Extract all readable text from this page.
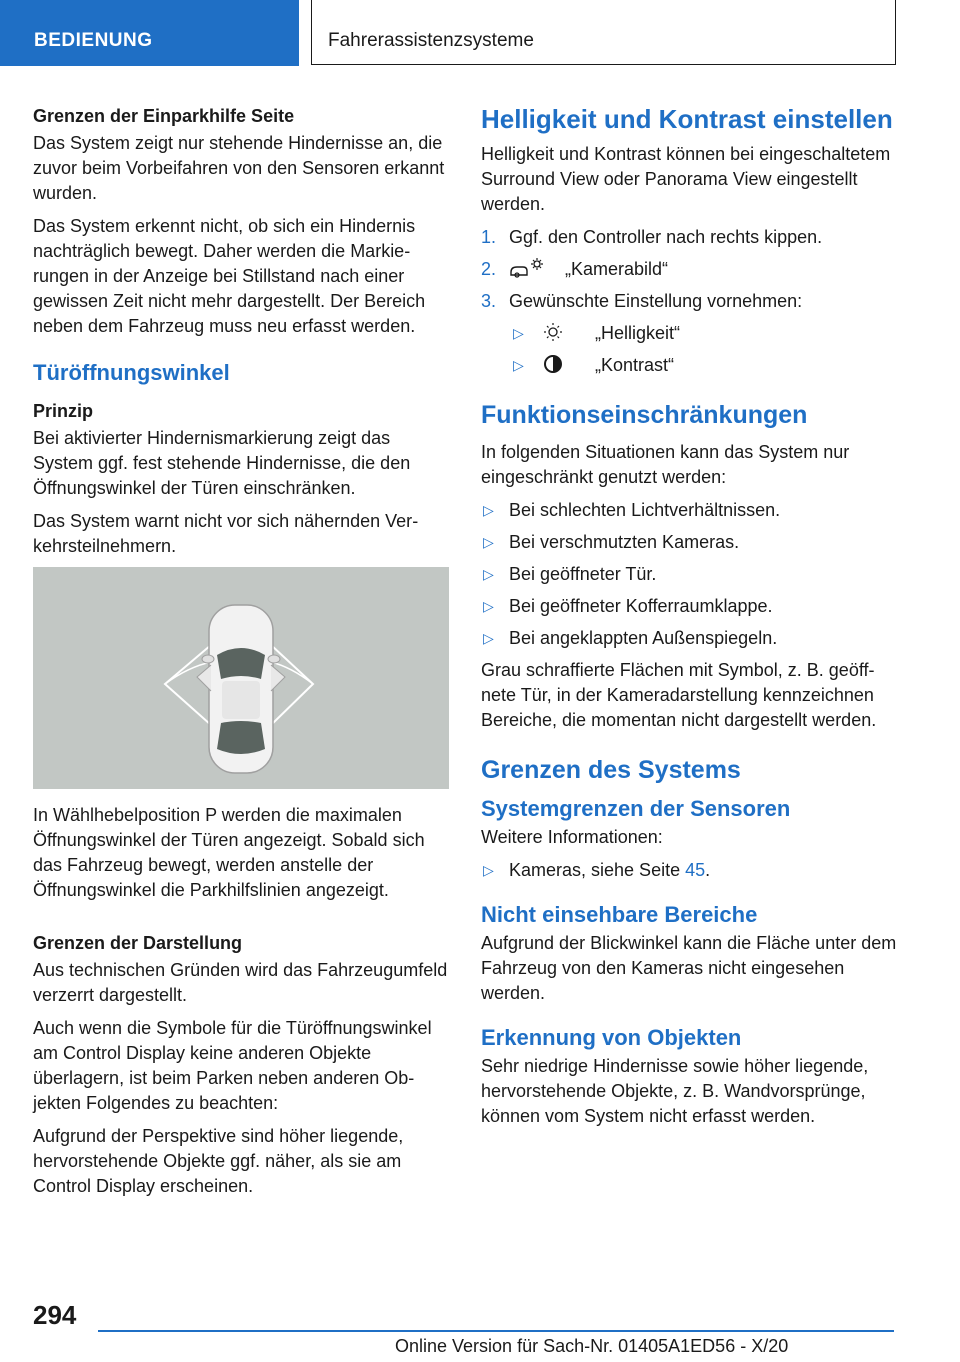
BEDIENUNG	Fahrerassistenzsysteme
Grenzen der Einparkhilfe Seite

Das System zeigt nur stehende Hindernisse an, die zuvor beim Vorbeifahren von den Sensoren erkannt wurden.

Das System erkennt nicht, ob sich ein Hindernis nachträglich bewegt. Daher werden die Markierungen in der Anzeige bei Stillstand nach einer gewissen Zeit nicht mehr dargestellt. Der Bereich neben dem Fahrzeug muss neu erfasst werden.

Türöffnungswinkel
Prinzip

Bei aktivierter Hindernismarkierung zeigt das System ggf. fest stehende Hindernisse, die den Öffnungswinkel der Türen einschränken.

Das System warnt nicht vor sich nähernden Verkehrsteilnehmern.

In Wählhebelposition P werden die maximalen Öffnungswinkel der Türen angezeigt. Sobald sich das Fahrzeug bewegt, werden anstelle der Öffnungswinkel die Parkhilfslinien angezeigt.

Grenzen der Darstellung

Aus technischen Gründen wird das Fahrzeugumfeld verzerrt dargestellt.

Auch wenn die Symbole für die Türöffnungswinkel am Control Display keine anderen Objekte überlagern, ist beim Parken neben anderen Objekten Folgendes zu beachten:

Aufgrund der Perspektive sind höher liegende, hervorstehende Objekte ggf. näher, als sie am Control Display erscheinen.

Helligkeit und Kontrast einstellen

Helligkeit und Kontrast können bei eingeschaltetem Surround View oder Panorama View eingestellt werden.

1. Ggf. den Controller nach rechts kippen.
2.	„Kamerabild“
3. Gewünschte Einstellung vornehmen:
▷	„Helligkeit“
▷	„Kontrast“
Funktionseinschränkungen

In folgenden Situationen kann das System nur eingeschränkt genutzt werden:

▷ Bei schlechten Lichtverhältnissen.
▷ Bei verschmutzten Kameras.
▷ Bei geöffneter Tür.
▷ Bei geöffneter Kofferraumklappe.
▷ Bei angeklappten Außenspiegeln.

Grau schraffierte Flächen mit Symbol, z. B. geöffnete Tür, in der Kameradarstellung kennzeichnen Bereiche, die momentan nicht dargestellt werden.

Grenzen des Systems
Systemgrenzen der Sensoren

Weitere Informationen:

▷ Kameras, siehe Seite 45.
Nicht einsehbare Bereiche

Aufgrund der Blickwinkel kann die Fläche unter dem Fahrzeug von den Kameras nicht eingesehen werden.

Erkennung von Objekten

Sehr niedrige Hindernisse sowie höher liegende, hervorstehende Objekte, z. B. Wandvorsprünge, können vom System nicht erfasst werden.

294
Online Version für Sach-Nr. 01405A1ED56 - X/20
